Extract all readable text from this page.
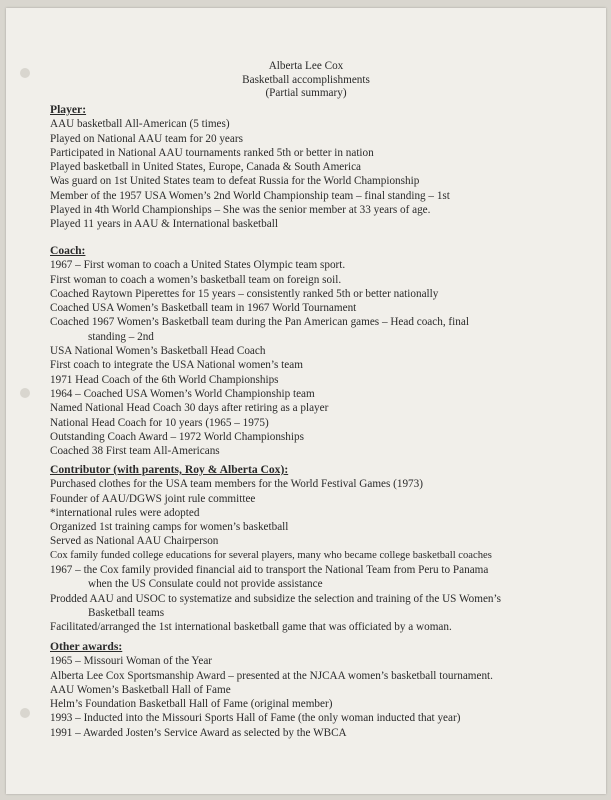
Alberta Lee Cox
Basketball accomplishments
(Partial summary)
Player:
AAU basketball All-American (5 times)
Played on National AAU team for 20 years
Participated in National AAU tournaments ranked 5th or better in nation
Played basketball in United States, Europe, Canada & South America
Was guard on 1st United States team to defeat Russia for the World Championship
Member of the 1957 USA Women’s 2nd World Championship team – final standing – 1st
Played in 4th World Championships – She was the senior member at 33 years of age.
Played 11 years in AAU & International basketball
Coach:
1967 – First woman to coach a United States Olympic team sport.
First woman to coach a women’s basketball team on foreign soil.
Coached Raytown Piperettes for 15 years – consistently ranked 5th or better nationally
Coached USA Women’s Basketball team in 1967 World Tournament
Coached 1967 Women’s Basketball team during the Pan American games – Head coach, final
standing – 2nd
USA National Women’s Basketball Head Coach
First coach to integrate the USA National women’s team
1971 Head Coach of the 6th World Championships
1964 – Coached USA Women’s World Championship team
Named National Head Coach 30 days after retiring as a player
National Head Coach for 10 years (1965 – 1975)
Outstanding Coach Award – 1972 World Championships
Coached 38 First team All-Americans
Contributor (with parents, Roy & Alberta Cox):
Purchased clothes for the USA team members for the World Festival Games (1973)
Founder of AAU/DGWS joint rule committee
*international rules were adopted
Organized 1st training camps for women’s basketball
Served as National AAU Chairperson
Cox family funded college educations for several players, many who became college basketball coaches
1967 – the Cox family provided financial aid to transport the National Team from Peru to Panama
when the US Consulate could not provide assistance
Prodded AAU and USOC to systematize and subsidize the selection and training of the US Women’s
Basketball teams
Facilitated/arranged the 1st international basketball game that was officiated by a woman.
Other awards:
1965 – Missouri Woman of the Year
Alberta Lee Cox Sportsmanship Award – presented at the NJCAA women’s basketball tournament.
AAU Women’s Basketball Hall of Fame
Helm’s Foundation Basketball Hall of Fame (original member)
1993 – Inducted into the Missouri Sports Hall of Fame (the only woman inducted that year)
1991 – Awarded Josten’s Service Award as selected by the WBCA
